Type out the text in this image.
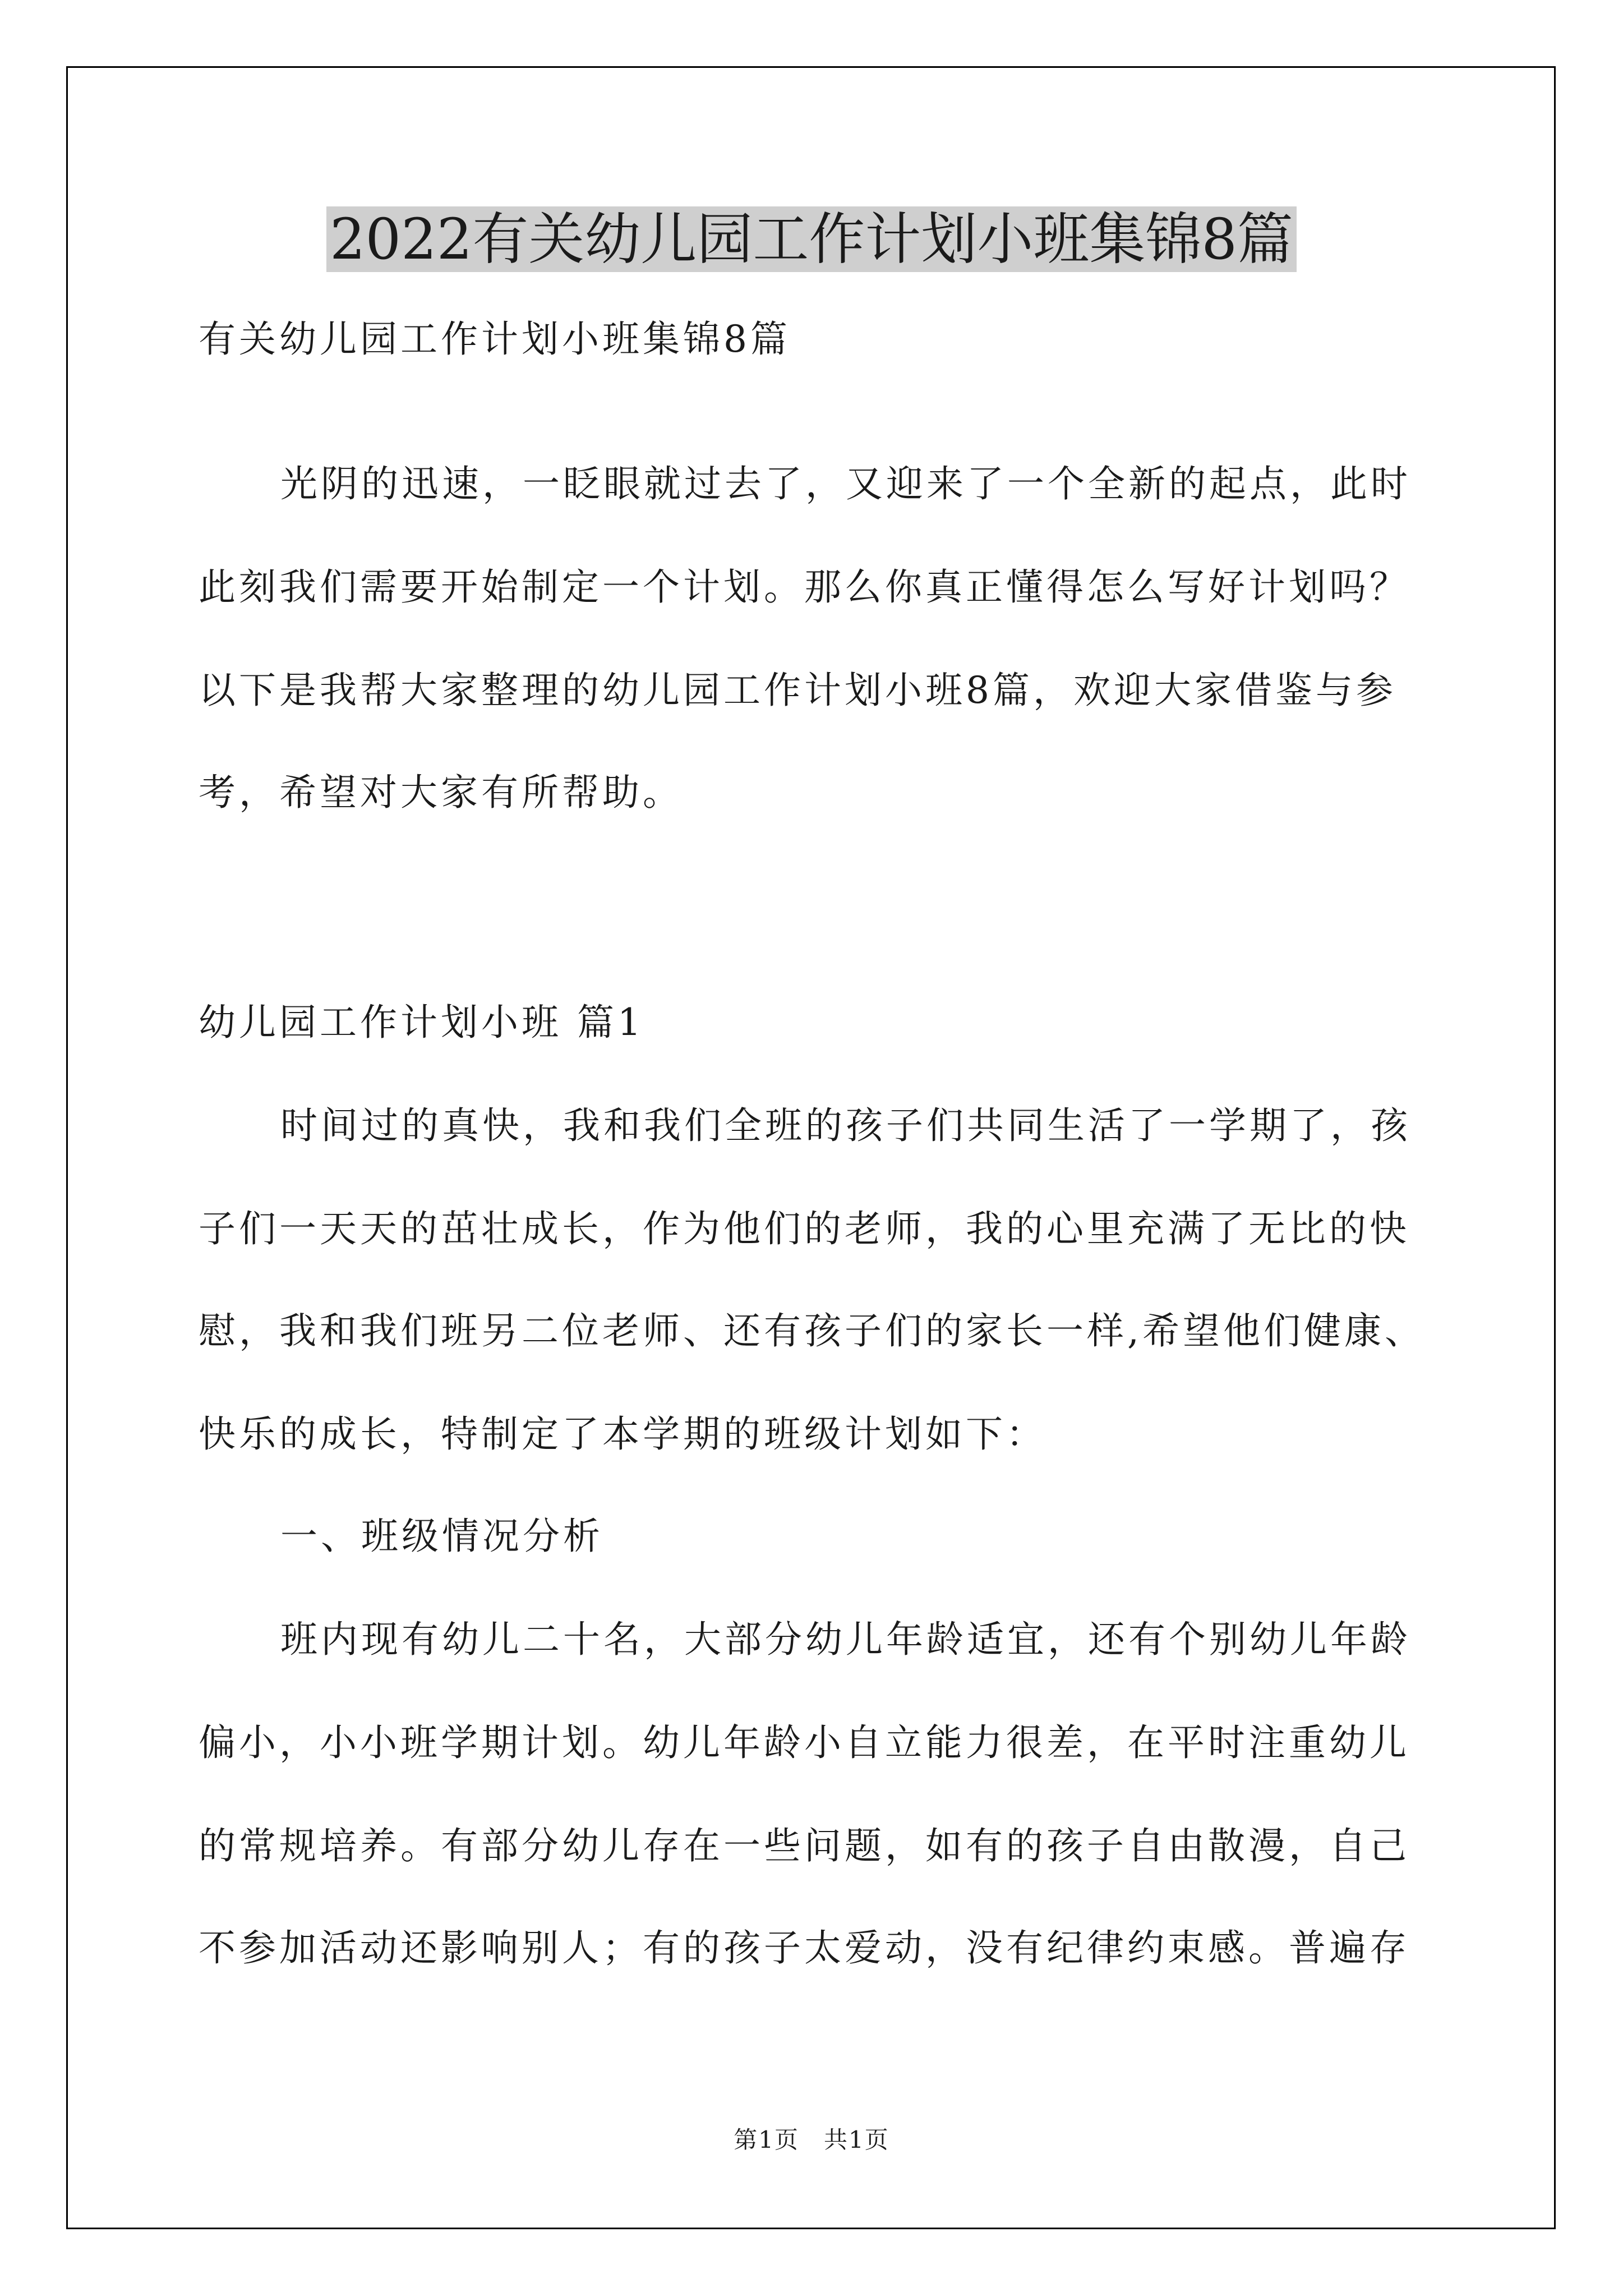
2022有关幼儿园工作计划小班集锦8篇
有关幼儿园工作计划小班集锦8篇
光阴的迅速，一眨眼就过去了，又迎来了一个全新的起点，此时
此刻我们需要开始制定一个计划。那么你真正懂得怎么写好计划吗？
以下是我帮大家整理的幼儿园工作计划小班8篇，欢迎大家借鉴与参
考，希望对大家有所帮助。
幼儿园工作计划小班 篇1
时间过的真快，我和我们全班的孩子们共同生活了一学期了，孩
子们一天天的茁壮成长，作为他们的老师，我的心里充满了无比的快
慰，我和我们班另二位老师、还有孩子们的家长一样,希望他们健康、
快乐的成长，特制定了本学期的班级计划如下：
一、班级情况分析
班内现有幼儿二十名，大部分幼儿年龄适宜，还有个别幼儿年龄
偏小，小小班学期计划。幼儿年龄小自立能力很差，在平时注重幼儿
的常规培养。有部分幼儿存在一些问题，如有的孩子自由散漫，自己
不参加活动还影响别人；有的孩子太爱动，没有纪律约束感。普遍存
第1页　共1页
